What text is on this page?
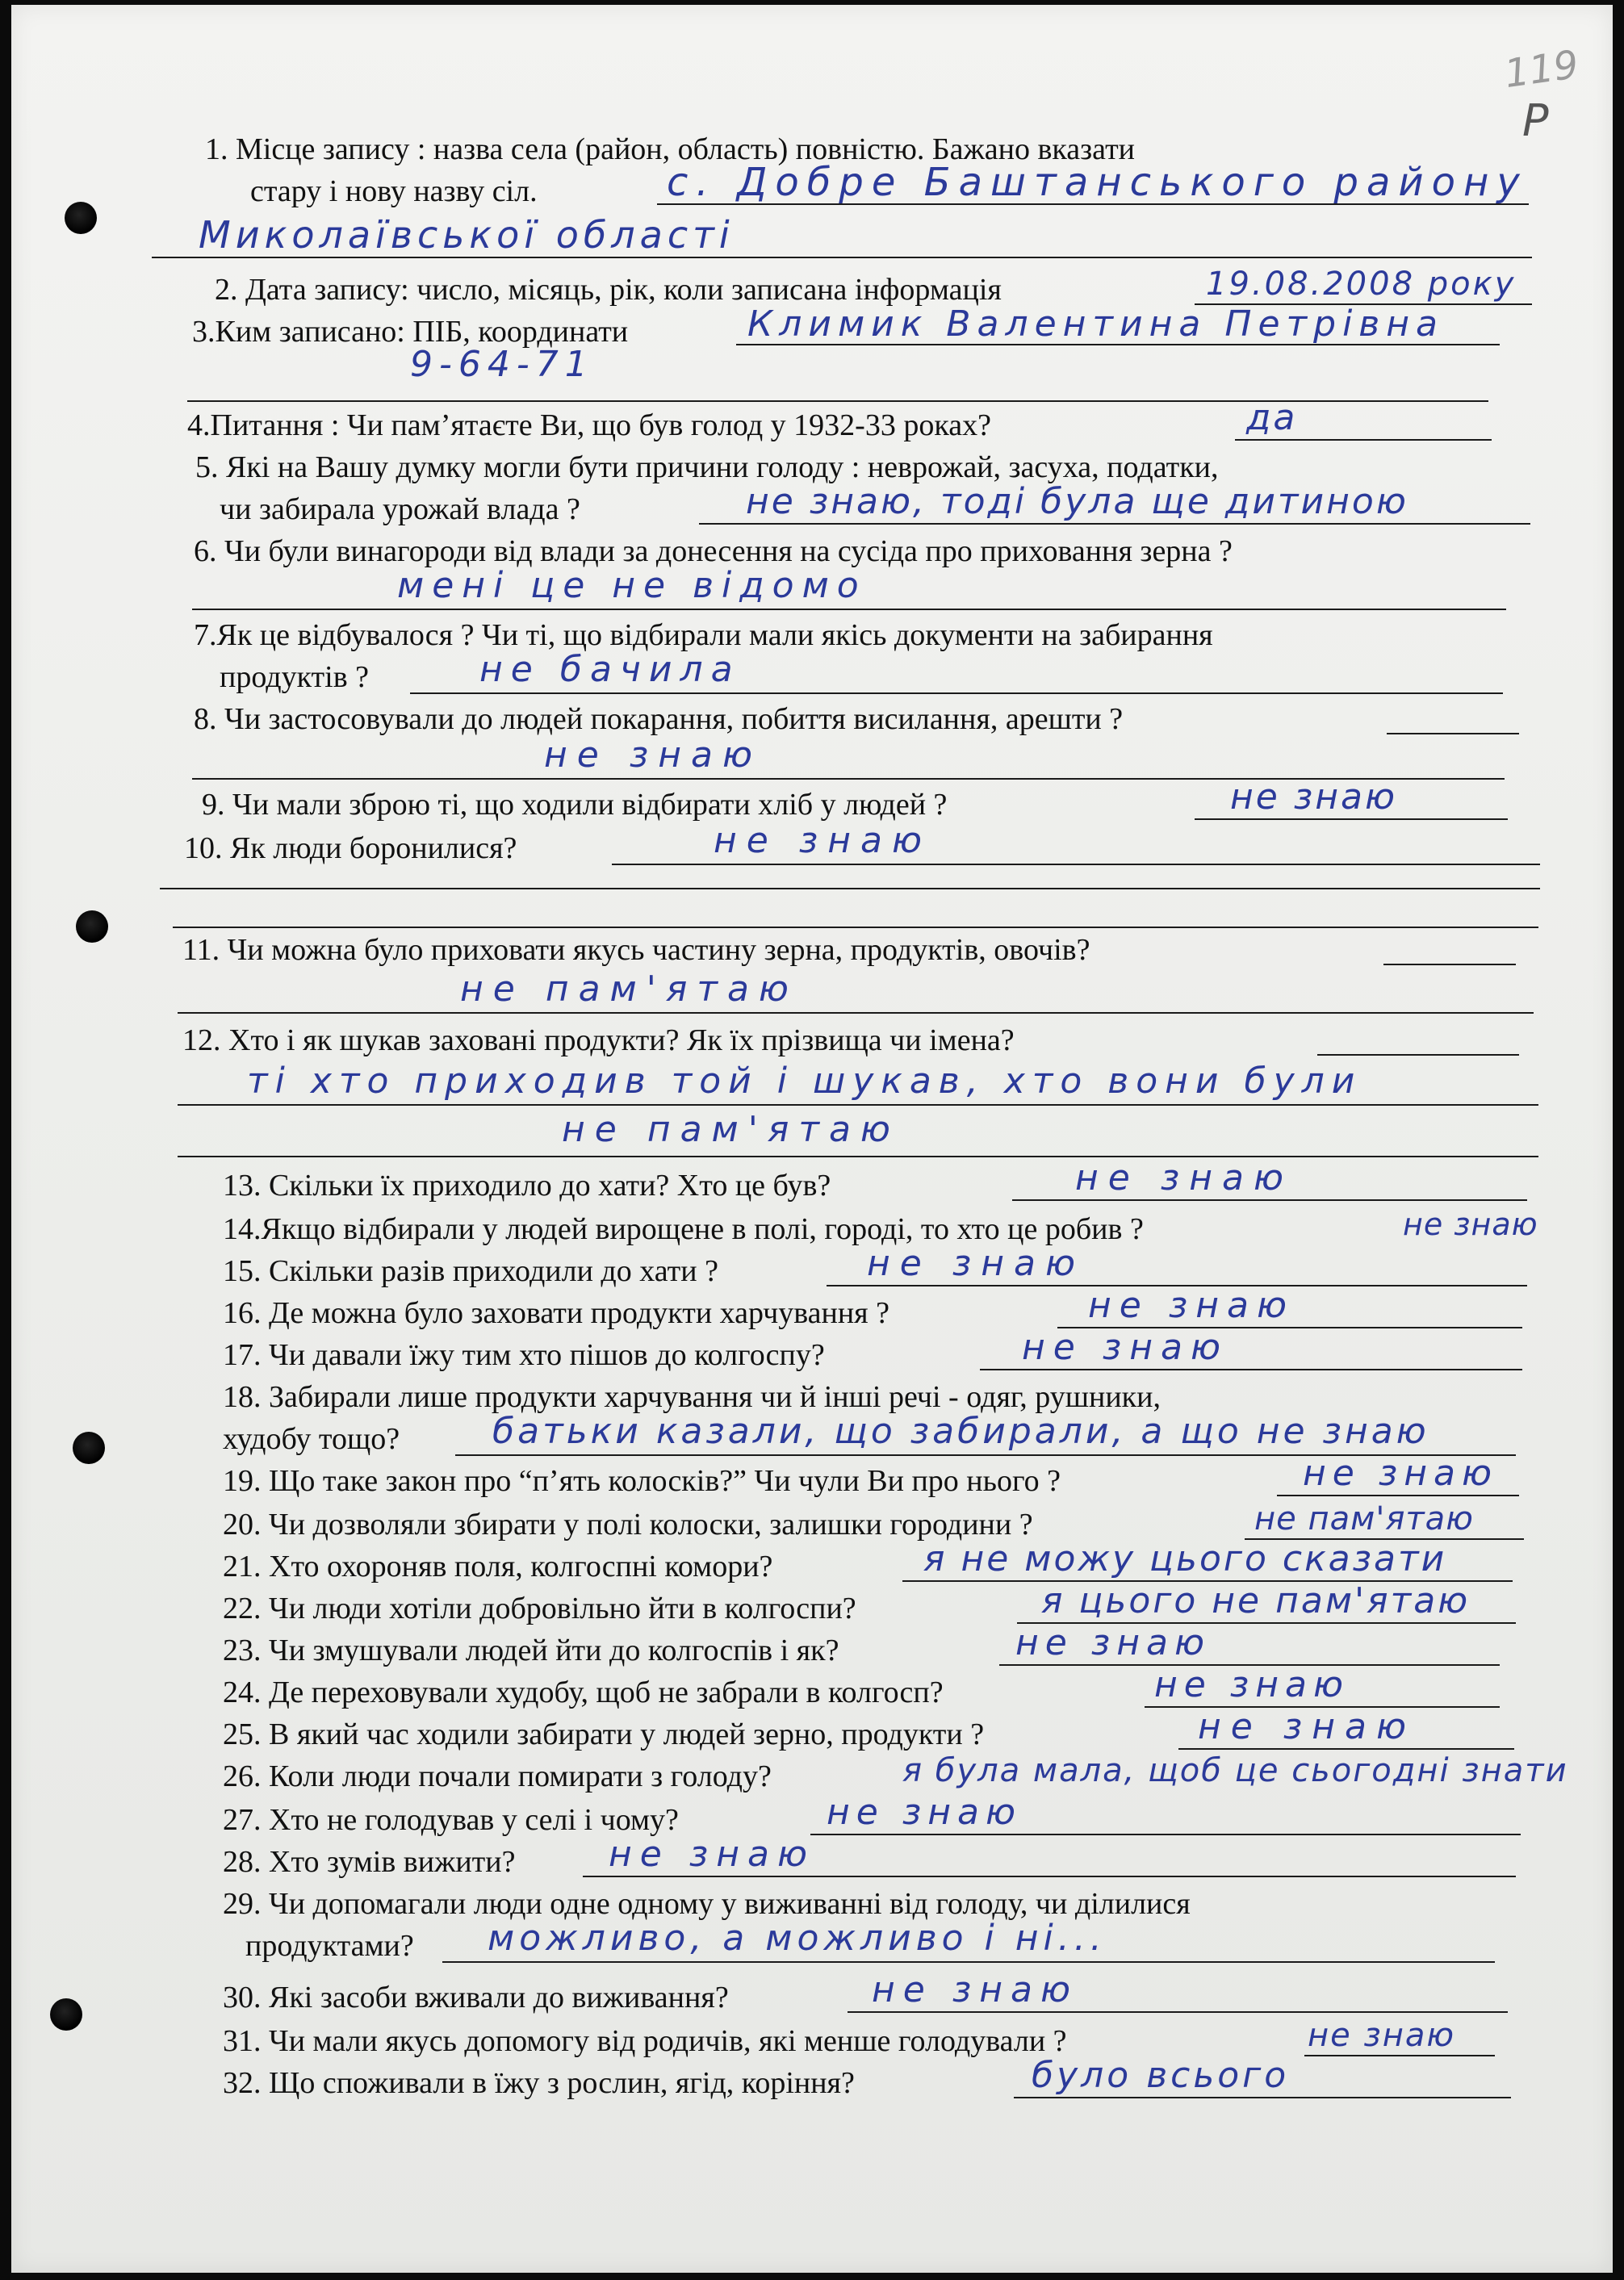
119
Р
1. Місце запису : назва села (район, область) повністю. Бажано вказати
стару і нову назву сіл.	с. Добре Баштанського району
Миколаївської області
2. Дата запису: число, місяць, рік, коли записана інформація	19.08.2008 року
3.Ким записано: ПІБ, координати	Климик Валентина Петрівна
9-64-71
4.Питання : Чи пам’ятаєте Ви, що був голод у 1932-33 роках?	да
5. Які на Вашу думку могли бути причини голоду : неврожай, засуха, податки,
чи забирала урожай влада ?	не знаю, тоді була ще дитиною
6. Чи були винагороди від влади за донесення на сусіда про приховання зерна ?
мені це не відомо
7.Як це відбувалося ? Чи ті, що відбирали мали якісь документи на забирання
продуктів ?	не бачила
8. Чи застосовували до людей покарання, побиття висилання, арешти ?
не знаю
9. Чи мали зброю ті, що ходили відбирати хліб у людей ?	не знаю
10. Як люди боронилися?	не знаю
11. Чи можна було приховати якусь частину зерна, продуктів, овочів?
не пам'ятаю
12. Хто і як шукав заховані продукти? Як їх прізвища чи імена?
ті хто приходив той і шукав, хто вони були
не пам'ятаю
13. Скільки їх приходило до хати? Хто це був?	не знаю
14.Якщо відбирали у людей вирощене в полі, городі, то хто це робив ?	не знаю
15. Скільки разів приходили до хати ?	не знаю
16. Де можна було заховати продукти харчування ?	не знаю
17. Чи давали їжу тим хто пішов до колгоспу?	не знаю
18. Забирали лише продукти харчування чи й інші речі - одяг, рушники,
худобу тощо?	батьки казали, що забирали, а що не знаю
19. Що таке закон про “п’ять колосків?” Чи чули Ви про нього ?	не знаю
20. Чи дозволяли збирати у полі колоски, залишки городини ?	не пам'ятаю
21. Хто охороняв поля, колгоспні комори?	я не можу цього сказати
22. Чи люди хотіли добровільно йти в колгоспи?	я цього не пам'ятаю
23. Чи змушували людей йти до колгоспів і як?	не знаю
24. Де переховували худобу, щоб не забрали в колгосп?	не знаю
25. В який час ходили забирати у людей зерно, продукти ?	не знаю
26. Коли люди почали помирати з голоду?	я була мала, щоб це сьогодні знати
27. Хто не голодував у селі і чому?	не знаю
28. Хто зумів вижити?	не знаю
29. Чи допомагали люди одне одному у виживанні від голоду, чи ділилися
продуктами? можливо, а можливо і ні...
30. Які засоби вживали до виживання?	не знаю
31. Чи мали якусь допомогу від родичів, які менше голодували ?	не знаю
32. Що споживали в їжу з рослин, ягід, коріння?	було всього
